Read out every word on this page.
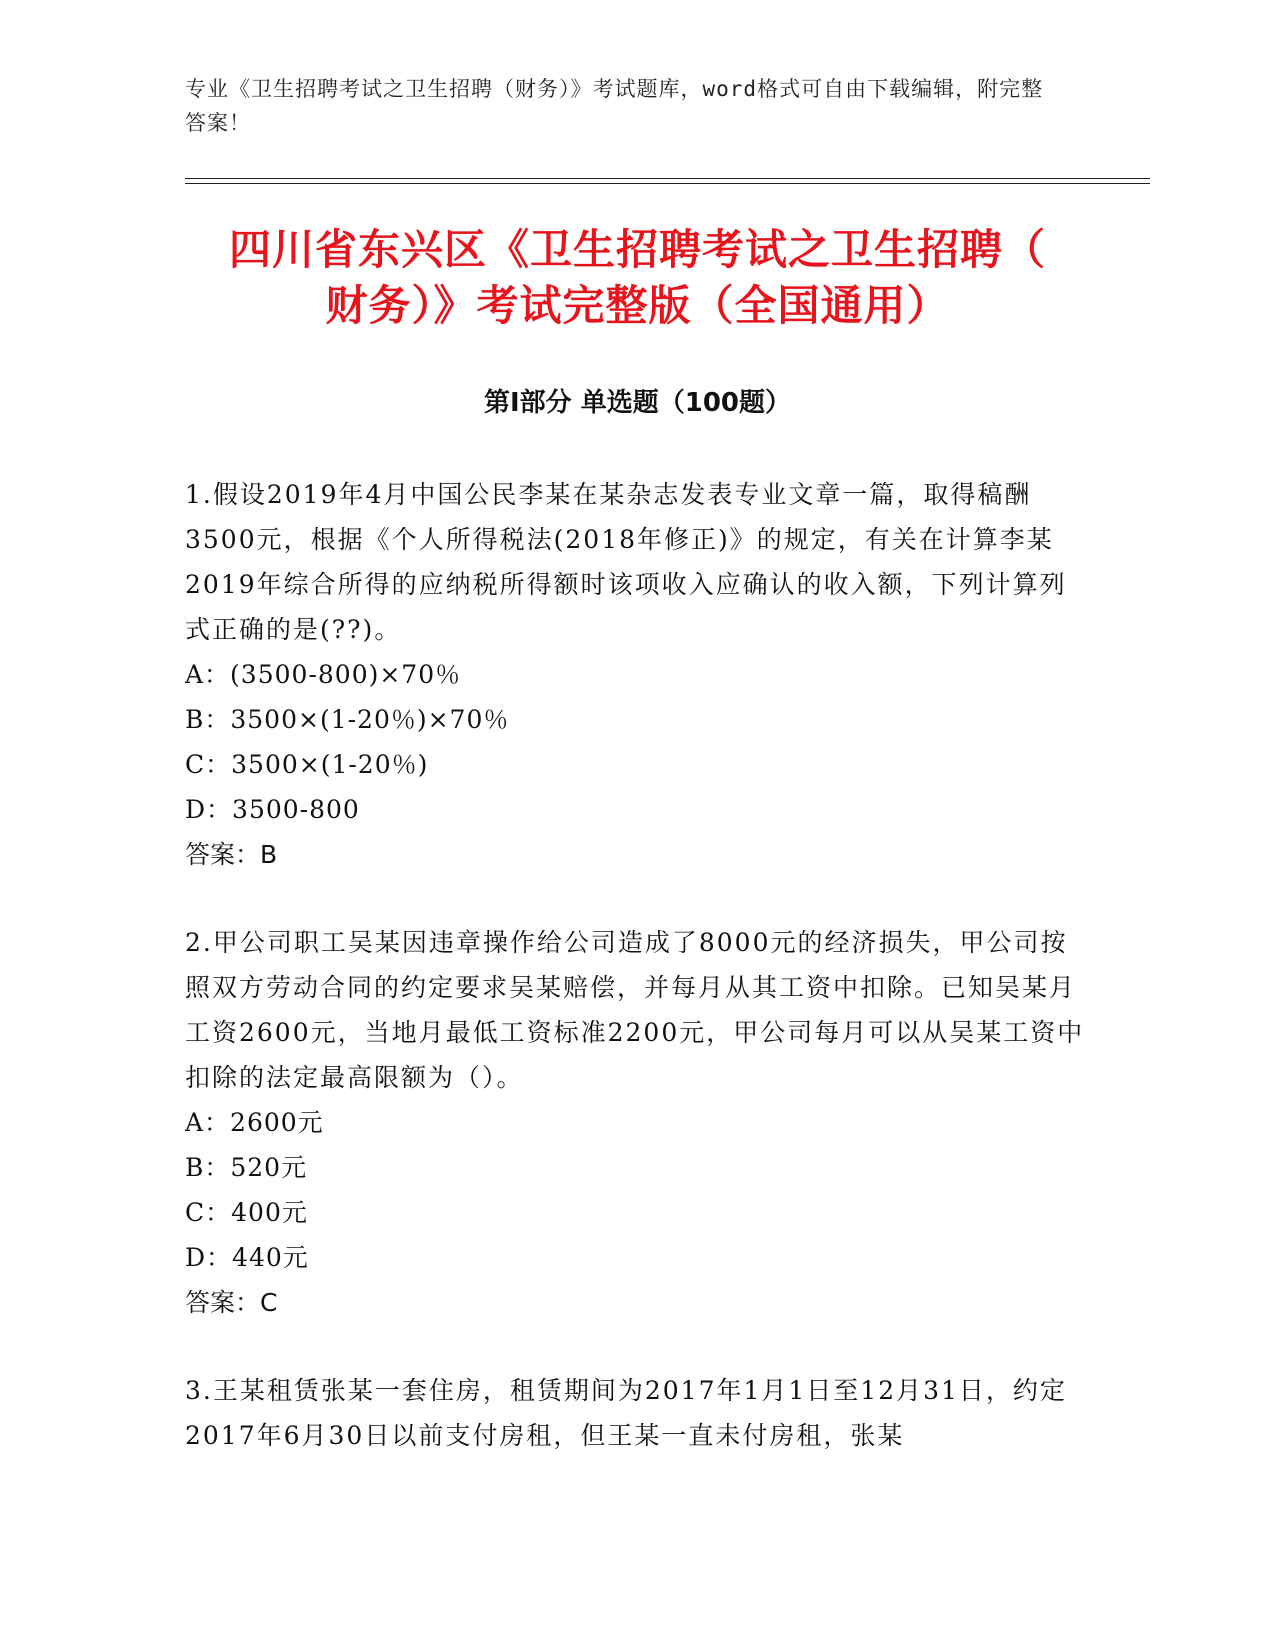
专业《卫生招聘考试之卫生招聘（财务）》考试题库，word格式可自由下载编辑，附完整答案！
四川省东兴区《卫生招聘考试之卫生招聘（
财务）》考试完整版（全国通用）
第Ⅰ部分 单选题（100题）

1.假设2019年4月中国公民李某在某杂志发表专业文章一篇，取得稿酬3500元，根据《个人所得税法(2018年修正)》的规定，有关在计算李某2019年综合所得的应纳税所得额时该项收入应确认的收入额，下列计算列式正确的是(??)。

A：(3500-800)×70％

B：3500×(1-20％)×70％

C：3500×(1-20％)

D：3500-800

答案：B

2.甲公司职工吴某因违章操作给公司造成了8000元的经济损失，甲公司按照双方劳动合同的约定要求吴某赔偿，并每月从其工资中扣除。已知吴某月工资2600元，当地月最低工资标准2200元，甲公司每月可以从吴某工资中扣除的法定最高限额为（）。

A：2600元

B：520元

C：400元

D：440元

答案：C

3.王某租赁张某一套住房，租赁期间为2017年1月1日至12月31日，约定2017年6月30日以前支付房租，但王某一直未付房租，张某
